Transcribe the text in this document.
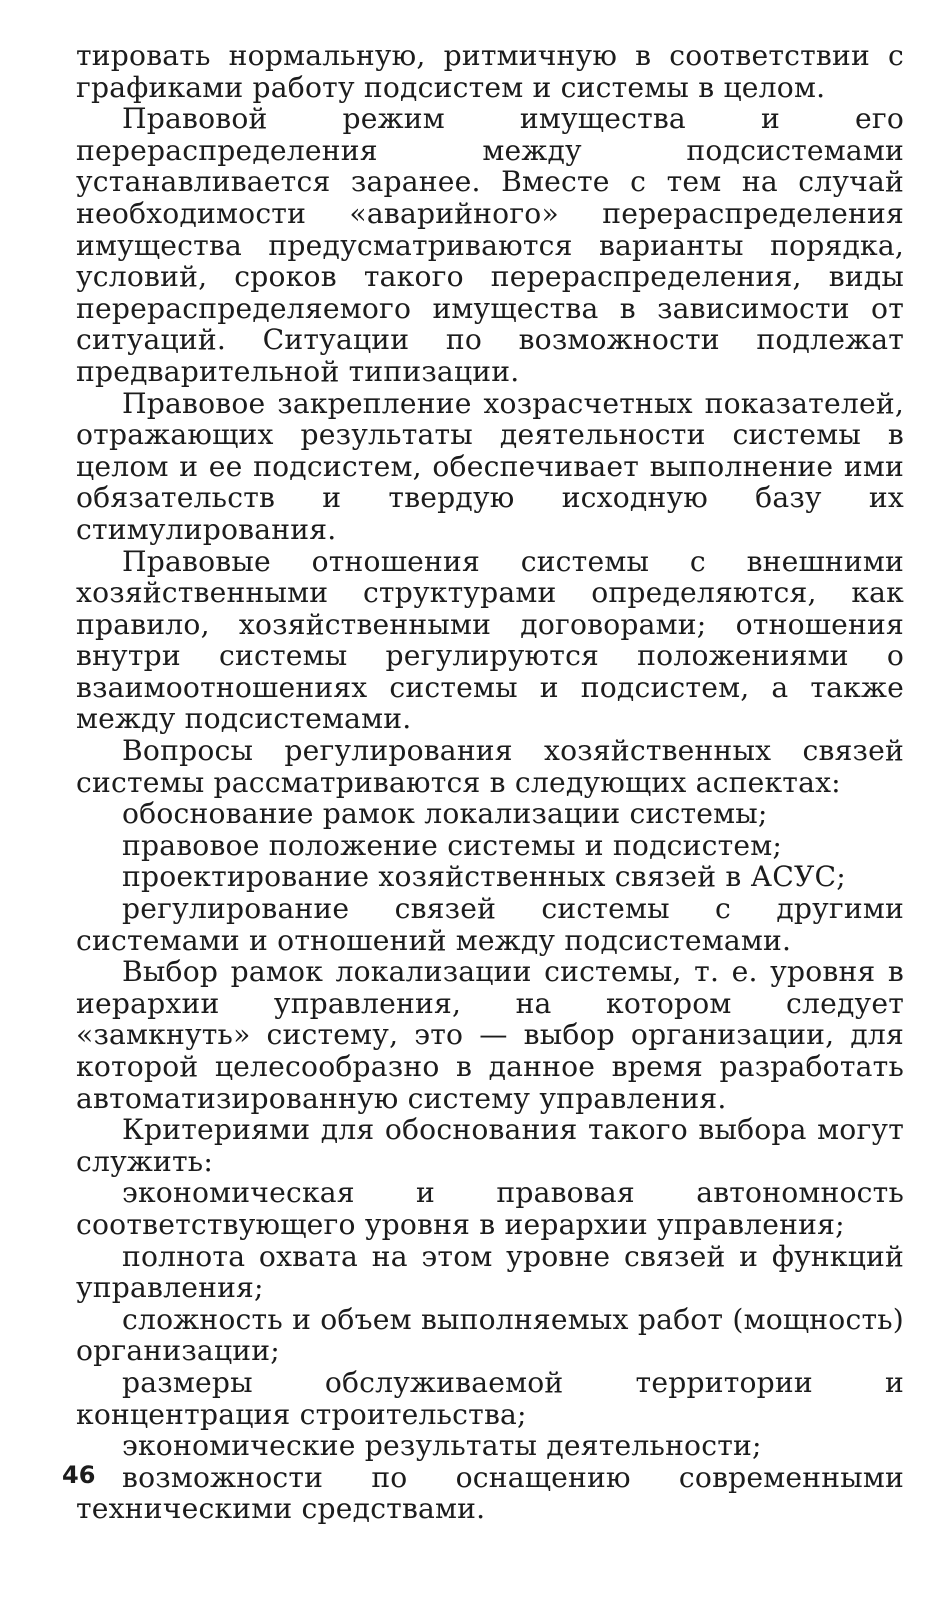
тировать нормальную, ритмичную в соответствии с графиками работу подсистем и системы в целом.

Правовой режим имущества и его перераспределения между подсистемами устанавливается заранее. Вместе с тем на случай необходимости «аварийного» перераспределения имущества предусматриваются варианты порядка, условий, сроков такого перераспределения, виды перераспределяемого имущества в зависимости от ситуаций. Ситуации по возможности подлежат предварительной типизации.

Правовое закрепление хозрасчетных показателей, отражающих результаты деятельности системы в целом и ее подсистем, обеспечивает выполнение ими обязательств и твердую исходную базу их стимулирования.

Правовые отношения системы с внешними хозяйственными структурами определяются, как правило, хозяйственными договорами; отношения внутри системы регулируются положениями о взаимоотношениях системы и подсистем, а также между подсистемами.

Вопросы регулирования хозяйственных связей системы рассматриваются в следующих аспектах:

обоснование рамок локализации системы;

правовое положение системы и подсистем;

проектирование хозяйственных связей в АСУС;

регулирование связей системы с другими системами и отношений между подсистемами.

Выбор рамок локализации системы, т. е. уровня в иерархии управления, на котором следует «замкнуть» систему, это — выбор организации, для которой целесообразно в данное время разработать автоматизированную систему управления.

Критериями для обоснования такого выбора могут служить:

экономическая и правовая автономность соответствующего уровня в иерархии управления;

полнота охвата на этом уровне связей и функций управления;

сложность и объем выполняемых работ (мощность) организации;

размеры обслуживаемой территории и концентрация строительства;

экономические результаты деятельности;

возможности по оснащению современными техническими средствами.

46
